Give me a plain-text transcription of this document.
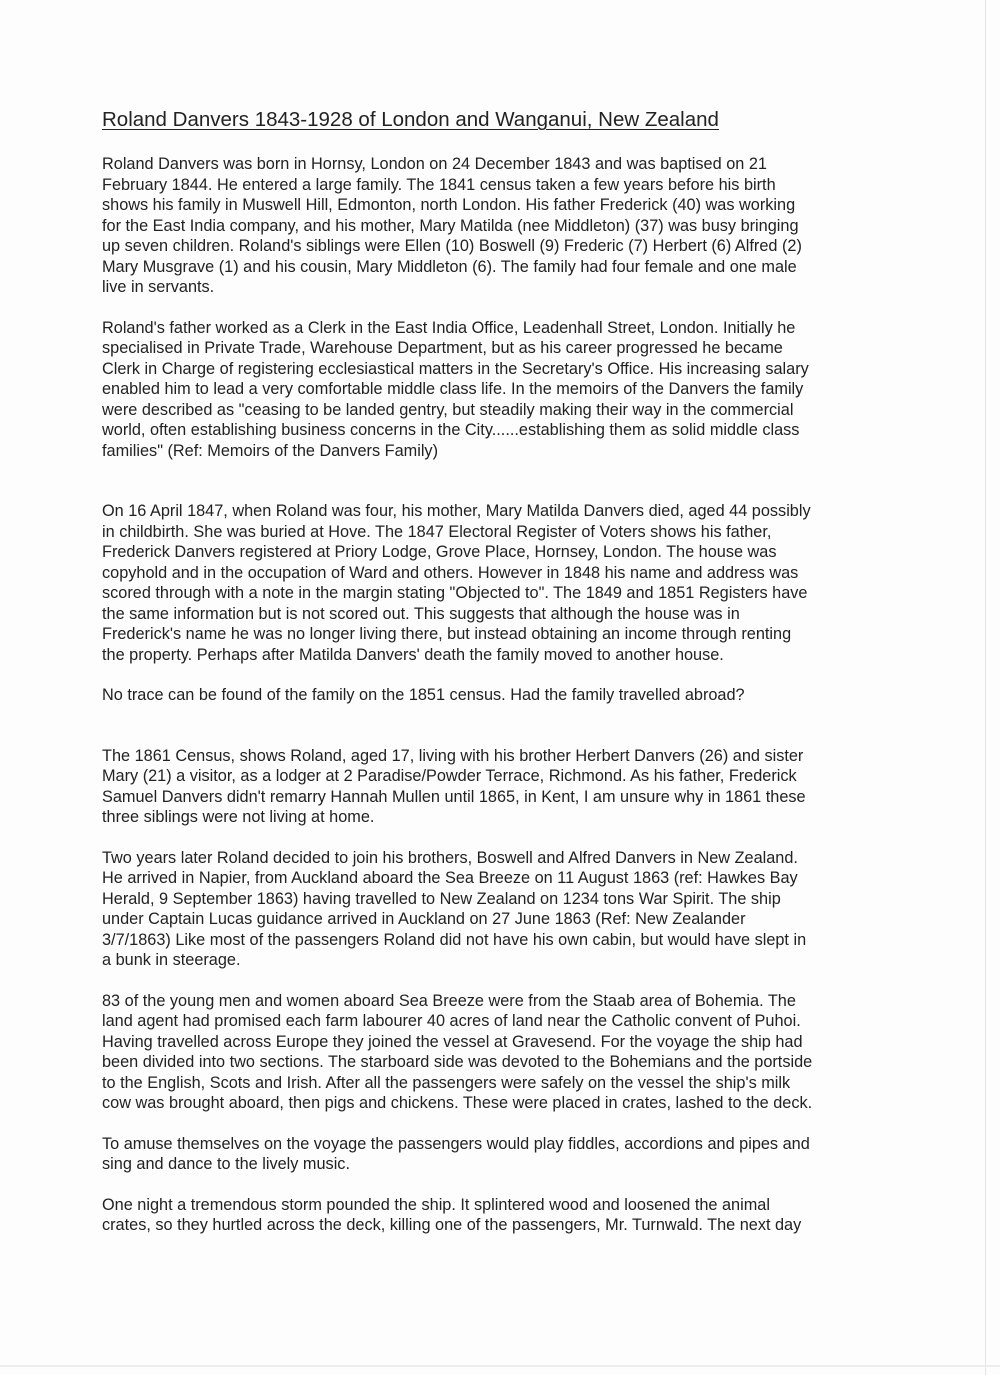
Roland Danvers 1843-1928 of London and Wanganui, New Zealand

Roland Danvers was born in Hornsy, London on 24 December 1843 and was baptised on 21
February 1844. He entered a large family. The 1841 census taken a few years before his birth
shows his family in Muswell Hill, Edmonton, north London. His father Frederick (40) was working
for the East India company, and his mother, Mary Matilda (nee Middleton) (37) was busy bringing
up seven children. Roland's siblings were Ellen (10) Boswell (9) Frederic (7) Herbert (6) Alfred (2)
Mary Musgrave (1) and his cousin, Mary Middleton (6). The family had four female and one male
live in servants.

Roland's father worked as a Clerk in the East India Office, Leadenhall Street, London. Initially he
specialised in Private Trade, Warehouse Department, but as his career progressed he became
Clerk in Charge of registering ecclesiastical matters in the Secretary's Office. His increasing salary
enabled him to lead a very comfortable middle class life. In the memoirs of the Danvers the family
were described as "ceasing to be landed gentry, but steadily making their way in the commercial
world, often establishing business concerns in the City......establishing them as solid middle class
families" (Ref: Memoirs of the Danvers Family)

On 16 April 1847, when Roland was four, his mother, Mary Matilda Danvers died, aged 44 possibly
in childbirth. She was buried at Hove. The 1847 Electoral Register of Voters shows his father,
Frederick Danvers registered at Priory Lodge, Grove Place, Hornsey, London. The house was
copyhold and in the occupation of Ward and others. However in 1848 his name and address was
scored through with a note in the margin stating "Objected to". The 1849 and 1851 Registers have
the same information but is not scored out. This suggests that although the house was in
Frederick's name he was no longer living there, but instead obtaining an income through renting
the property. Perhaps after Matilda Danvers' death the family moved to another house.

No trace can be found of the family on the 1851 census. Had the family travelled abroad?

The 1861 Census, shows Roland, aged 17, living with his brother Herbert Danvers (26) and sister
Mary (21) a visitor, as a lodger at 2 Paradise/Powder Terrace, Richmond. As his father, Frederick
Samuel Danvers didn't remarry Hannah Mullen until 1865, in Kent, I am unsure why in 1861 these
three siblings were not living at home.

Two years later Roland decided to join his brothers, Boswell and Alfred Danvers in New Zealand.
He arrived in Napier, from Auckland aboard the Sea Breeze on 11 August 1863 (ref: Hawkes Bay
Herald, 9 September 1863) having travelled to New Zealand on 1234 tons War Spirit. The ship
under Captain Lucas guidance arrived in Auckland on 27 June 1863 (Ref: New Zealander
3/7/1863) Like most of the passengers Roland did not have his own cabin, but would have slept in
a bunk in steerage.

83 of the young men and women aboard Sea Breeze were from the Staab area of Bohemia. The
land agent had promised each farm labourer 40 acres of land near the Catholic convent of Puhoi.
Having travelled across Europe they joined the vessel at Gravesend. For the voyage the ship had
been divided into two sections. The starboard side was devoted to the Bohemians and the portside
to the English, Scots and Irish. After all the passengers were safely on the vessel the ship's milk
cow was brought aboard, then pigs and chickens. These were placed in crates, lashed to the deck.

To amuse themselves on the voyage the passengers would play fiddles, accordions and pipes and
sing and dance to the lively music.

One night a tremendous storm pounded the ship. It splintered wood and loosened the animal
crates, so they hurtled across the deck, killing one of the passengers, Mr. Turnwald. The next day
